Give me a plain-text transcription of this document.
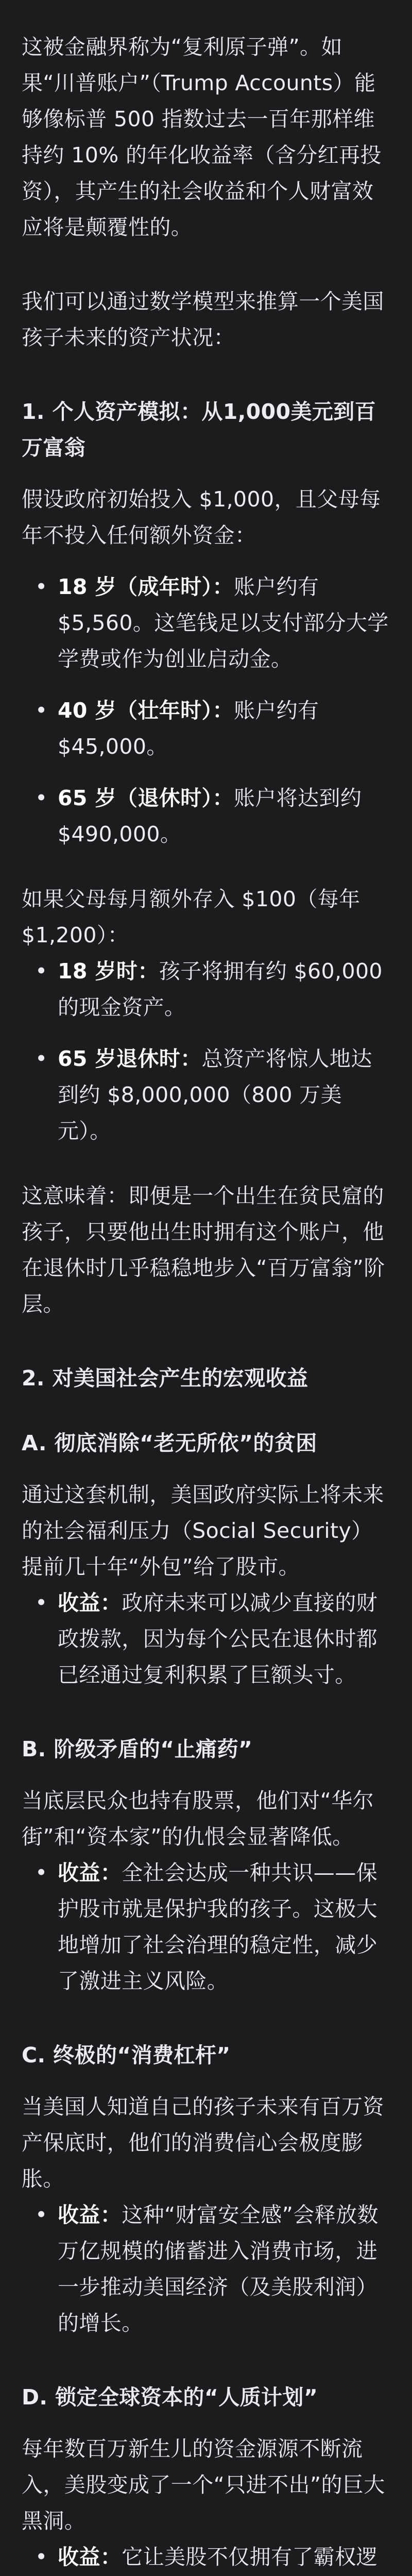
这被金融界称为“复利原子弹”。如果“川普账户”（Trump Accounts）能够像标普 500 指数过去一百年那样维持约 10% 的年化收益率（含分红再投资），其产生的社会收益和个人财富效应将是颠覆性的。

我们可以通过数学模型来推算一个美国孩子未来的资产状况：

1. 个人资产模拟：从1,000美元到百万富翁

假设政府初始投入 $1,000，且父母每年不投入任何额外资金：

• 18 岁（成年时）：账户约有 $5,560。这笔钱足以支付部分大学学费或作为创业启动金。
• 40 岁（壮年时）：账户约有 $45,000。
• 65 岁（退休时）：账户将达到约 $490,000。

如果父母每月额外存入 $100（每年 $1,200）：

• 18 岁时：孩子将拥有约 $60,000 的现金资产。
• 65 岁退休时：总资产将惊人地达到约 $8,000,000（800 万美元）。

这意味着：即便是一个出生在贫民窟的孩子，只要他出生时拥有这个账户，他在退休时几乎稳稳地步入“百万富翁”阶层。

2. 对美国社会产生的宏观收益
A. 彻底消除“老无所依”的贫困

通过这套机制，美国政府实际上将未来的社会福利压力（Social Security）提前几十年“外包”给了股市。

• 收益：政府未来可以减少直接的财政拨款，因为每个公民在退休时都已经通过复利积累了巨额头寸。
B. 阶级矛盾的“止痛药”

当底层民众也持有股票，他们对“华尔街”和“资本家”的仇恨会显著降低。

• 收益：全社会达成一种共识——保护股市就是保护我的孩子。这极大地增加了社会治理的稳定性，减少了激进主义风险。
C. 终极的“消费杠杆”

当美国人知道自己的孩子未来有百万资产保底时，他们的消费信心会极度膨胀。

• 收益：这种“财富安全感”会释放数万亿规模的储蓄进入消费市场，进一步推动美国经济（及美股利润）的增长。
D. 锁定全球资本的“人质计划”

每年数百万新生儿的资金源源不断流入，美股变成了一个“只进不出”的巨大黑洞。

• 收益：它让美股不仅拥有了霸权逻
